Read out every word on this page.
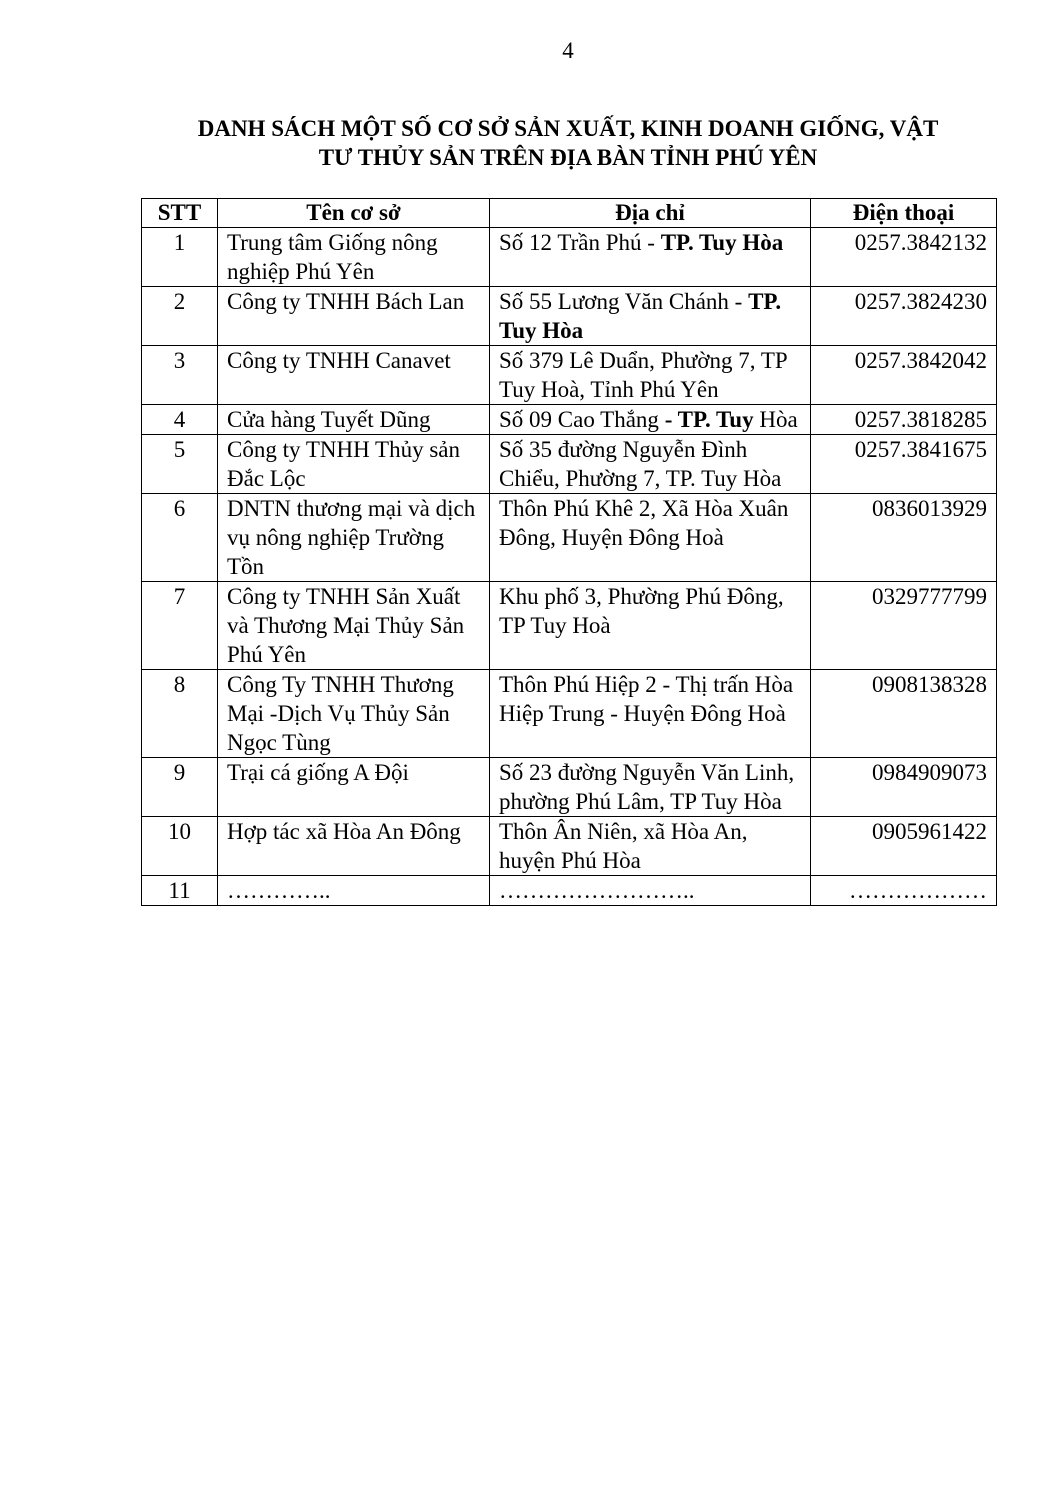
4
DANH SÁCH MỘT SỐ CƠ SỞ SẢN XUẤT, KINH DOANH GIỐNG, VẬT
TƯ THỦY SẢN TRÊN ĐỊA BÀN TỈNH PHÚ YÊN
STT	Tên cơ sở	Địa chỉ	Điện thoại
1	Trung tâm Giống nông nghiệp Phú Yên	Số 12 Trần Phú - TP. Tuy Hòa	0257.3842132
2	Công ty TNHH Bách Lan	Số 55 Lương Văn Chánh - TP. Tuy Hòa	0257.3824230
3	Công ty TNHH Canavet	Số 379 Lê Duẩn, Phường 7, TP Tuy Hoà, Tỉnh Phú Yên	0257.3842042
4	Cửa hàng Tuyết Dũng	Số 09 Cao Thắng - TP. Tuy Hòa	0257.3818285
5	Công ty TNHH Thủy sản Đắc Lộc	Số 35 đường Nguyễn Đình Chiểu, Phường 7, TP. Tuy Hòa	0257.3841675
6	DNTN thương mại và dịch vụ nông nghiệp Trường Tồn	Thôn Phú Khê 2, Xã Hòa Xuân Đông, Huyện Đông Hoà	0836013929
7	Công ty TNHH Sản Xuất và Thương Mại Thủy Sản Phú Yên	Khu phố 3, Phường Phú Đông, TP Tuy Hoà	0329777799
8	Công Ty TNHH Thương Mại -Dịch Vụ Thủy Sản Ngọc Tùng	Thôn Phú Hiệp 2 - Thị trấn Hòa Hiệp Trung - Huyện Đông Hoà	0908138328
9	Trại cá giống A Đội	Số 23 đường Nguyễn Văn Linh, phường Phú Lâm, TP Tuy Hòa	0984909073
10	Hợp tác xã Hòa An Đông	Thôn Ân Niên, xã Hòa An, huyện Phú Hòa	0905961422
11	…………..	……………………..	………………
